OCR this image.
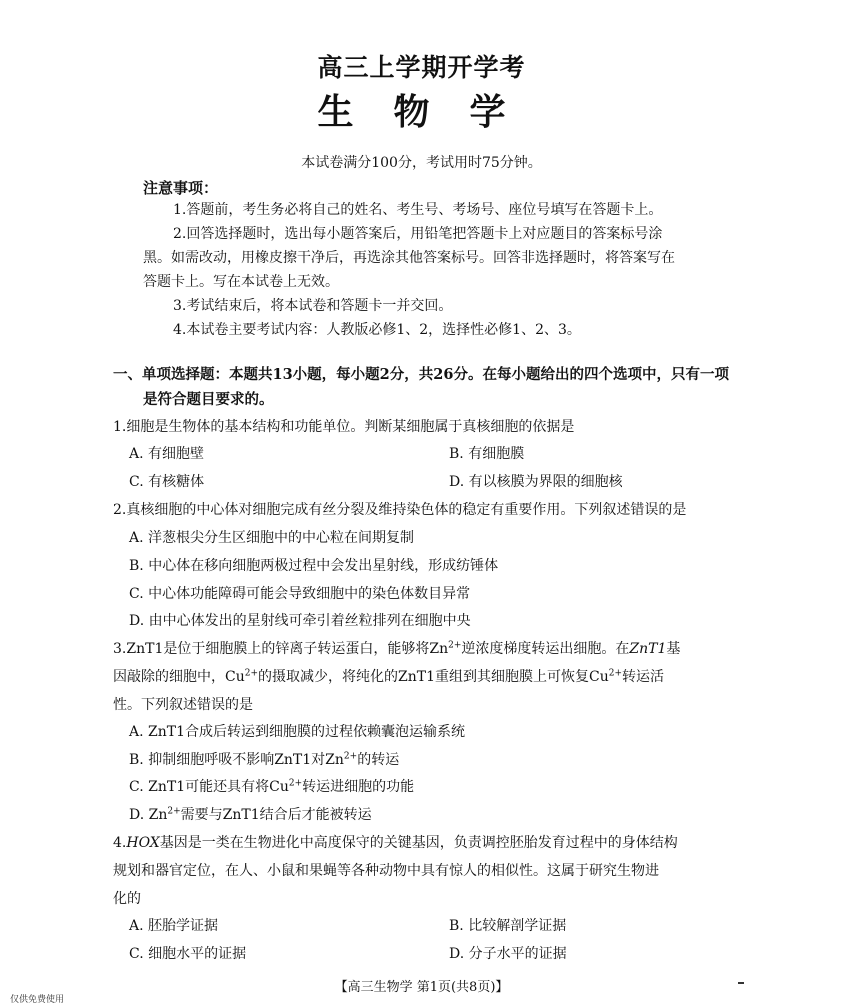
高三上学期开学考
生物学
本试卷满分100分，考试用时75分钟。
注意事项：
1.答题前，考生务必将自己的姓名、考生号、考场号、座位号填写在答题卡上。
2.回答选择题时，选出每小题答案后，用铅笔把答题卡上对应题目的答案标号涂
黑。如需改动，用橡皮擦干净后，再选涂其他答案标号。回答非选择题时，将答案写在
答题卡上。写在本试卷上无效。
3.考试结束后，将本试卷和答题卡一并交回。
4.本试卷主要考试内容：人教版必修1、2，选择性必修1、2、3。
一、单项选择题：本题共13小题，每小题2分，共26分。在每小题给出的四个选项中，只有一项
是符合题目要求的。
1.细胞是生物体的基本结构和功能单位。判断某细胞属于真核细胞的依据是
A. 有细胞壁	B. 有细胞膜
C. 有核糖体	D. 有以核膜为界限的细胞核
2.真核细胞的中心体对细胞完成有丝分裂及维持染色体的稳定有重要作用。下列叙述错误的是
A. 洋葱根尖分生区细胞中的中心粒在间期复制
B. 中心体在移向细胞两极过程中会发出星射线，形成纺锤体
C. 中心体功能障碍可能会导致细胞中的染色体数目异常
D. 由中心体发出的星射线可牵引着丝粒排列在细胞中央
3.ZnT1是位于细胞膜上的锌离子转运蛋白，能够将$Zn^{2+}$逆浓度梯度转运出细胞。在ZnT1基
因敲除的细胞中，$Cu^{2+}$的摄取减少，将纯化的ZnT1重组到其细胞膜上可恢复$Cu^{2+}$转运活
性。下列叙述错误的是
A. ZnT1合成后转运到细胞膜的过程依赖囊泡运输系统
B. 抑制细胞呼吸不影响ZnT1对$Zn^{2+}$的转运
C. ZnT1可能还具有将$Cu^{2+}$转运进细胞的功能
D. $Zn^{2+}$需要与ZnT1结合后才能被转运
4.HOX基因是一类在生物进化中高度保守的关键基因，负责调控胚胎发育过程中的身体结构
规划和器官定位，在人、小鼠和果蝇等各种动物中具有惊人的相似性。这属于研究生物进
化的
A. 胚胎学证据	B. 比较解剖学证据
C. 细胞水平的证据	D. 分子水平的证据
【高三生物学 第1页(共8页)】
仅供免费使用
